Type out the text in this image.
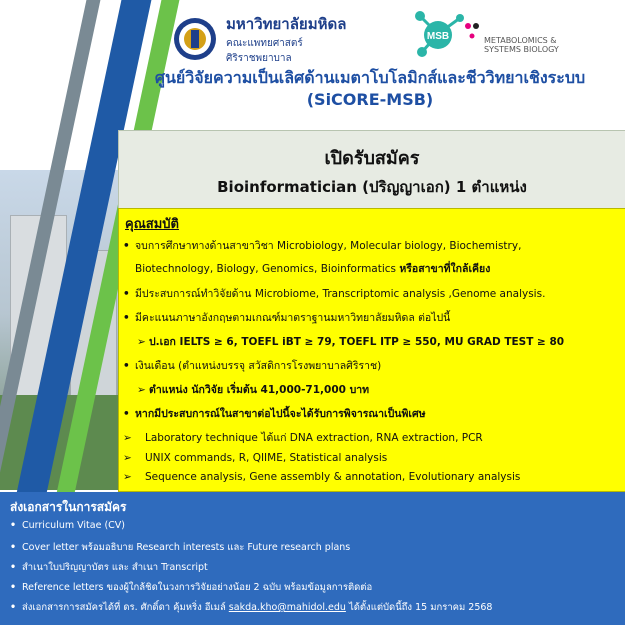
มหาวิทยาลัยมหิดล
คณะแพทยศาสตร์
ศิริราชพยาบาล
MSB	METABOLOMICS &
SYSTEMS BIOLOGY
ศูนย์วิจัยความเป็นเลิศด้านเมตาโบโลมิกส์และชีววิทยาเชิงระบบ
(SiCORE-MSB)
เปิดรับสมัคร
Bioinformatician (ปริญญาเอก) 1 ตำแหน่ง
คุณสมบัติ
• จบการศึกษาทางด้านสาขาวิชา Microbiology, Molecular biology, Biochemistry,
Biotechnology, Biology, Genomics, Bioinformatics หรือสาขาที่ใกล้เคียง
• มีประสบการณ์ทำวิจัยด้าน Microbiome, Transcriptomic analysis ,Genome analysis.
• มีคะแนนภาษาอังกฤษตามเกณฑ์มาตราฐานมหาวิทยาลัยมหิดล ต่อไปนี้
➢ ป.เอก IELTS ≥ 6, TOEFL iBT ≥ 79, TOEFL ITP ≥ 550, MU GRAD TEST ≥ 80
• เงินเดือน (ตำแหน่งบรรจุ สวัสดิการโรงพยาบาลศิริราช)
➢ ตำแหน่ง นักวิจัย เริ่มต้น 41,000-71,000 บาท
• หากมีประสบการณ์ในสาขาต่อไปนี้จะได้รับการพิจารณาเป็นพิเศษ
➢ Laboratory technique ได้แก่ DNA extraction, RNA extraction, PCR
➢ UNIX commands, R, QIIME, Statistical analysis
➢ Sequence analysis, Gene assembly & annotation, Evolutionary analysis
ส่งเอกสารในการสมัคร
• Curriculum Vitae (CV)
• Cover letter พร้อมอธิบาย Research interests และ Future research plans
• สำเนาใบปริญญาบัตร และ สำเนา Transcript
• Reference letters ของผู้ใกล้ชิดในวงการวิจัยอย่างน้อย 2 ฉบับ พร้อมข้อมูลการติดต่อ
• ส่งเอกสารการสมัครได้ที่ ดร. ศักดิ์ดา คุ้มหริ่ง อีเมล์ sakda.kho@mahidol.edu ได้ตั้งแต่บัดนี้ถึง 15 มกราคม 2568
